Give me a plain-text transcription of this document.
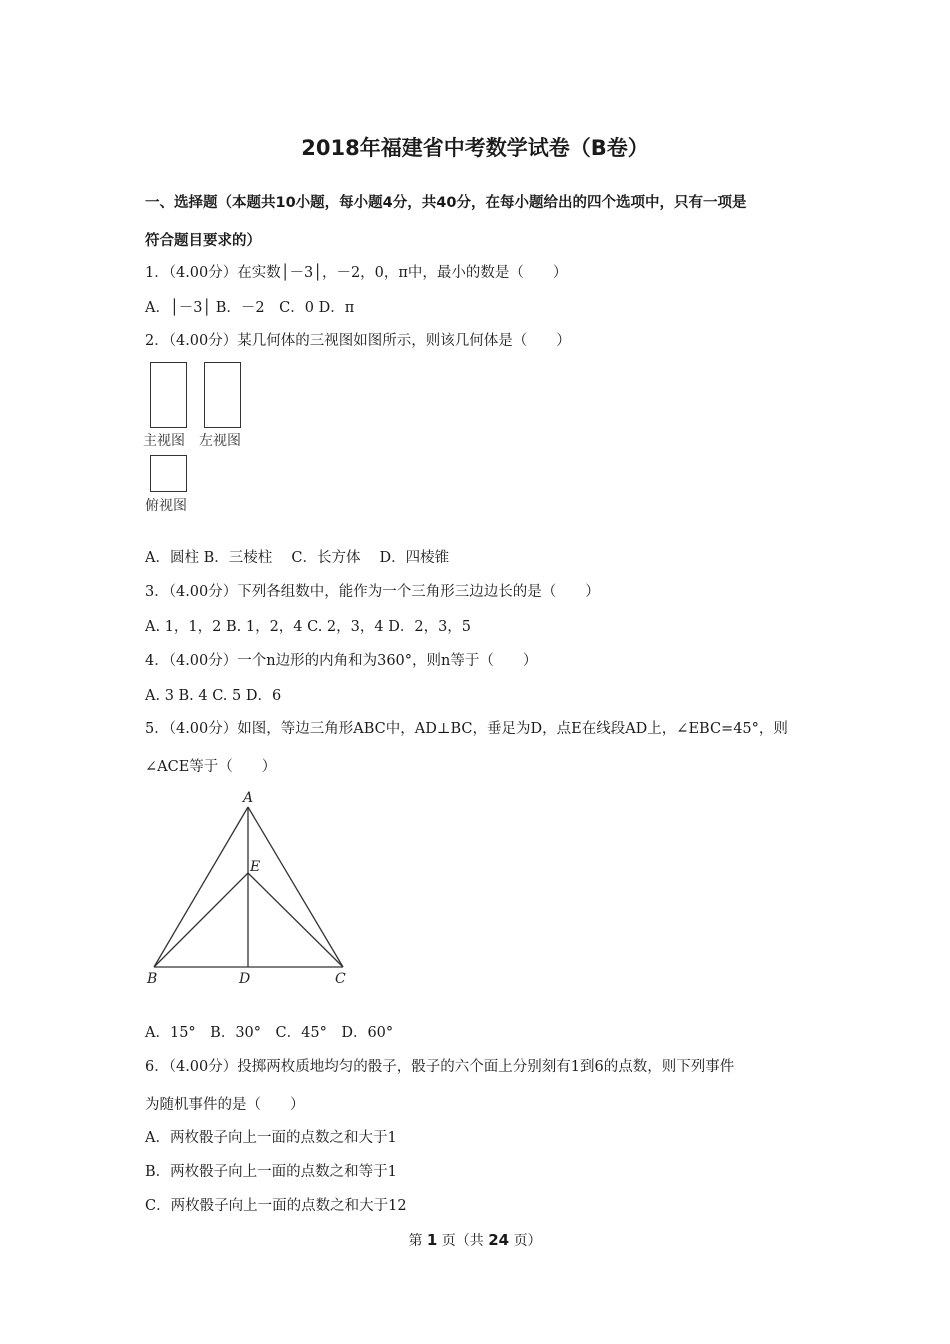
2018年福建省中考数学试卷（B卷）
一、选择题（本题共10小题，每小题4分，共40分，在每小题给出的四个选项中，只有一项是
符合题目要求的）
1．（4.00分）在实数│－3│，－2，0，π中，最小的数是（　　）
A．│－3│ B．－2　C．0 D．π
2．（4.00分）某几何体的三视图如图所示，则该几何体是（　　）
主视图 左视图
俯视图
A．圆柱 B．三棱柱　 C．长方体　 D．四棱锥
3．（4.00分）下列各组数中，能作为一个三角形三边边长的是（　　）
A. 1，1，2 B. 1，2，4 C. 2，3，4 D．2，3，5
4．（4.00分）一个n边形的内角和为360°，则n等于（　　）
A. 3 B. 4 C. 5 D．6
5．（4.00分）如图，等边三角形ABC中，AD⊥BC，垂足为D，点E在线段AD上，∠EBC=45°，则
∠ACE等于（　　）
A
E
B	D	C
A．15°　B．30°　C．45°　D．60°
6．（4.00分）投掷两枚质地均匀的骰子，骰子的六个面上分别刻有1到6的点数，则下列事件
为随机事件的是（　　）
A．两枚骰子向上一面的点数之和大于1
B．两枚骰子向上一面的点数之和等于1
C．两枚骰子向上一面的点数之和大于12
第 1 页（共 24 页）
